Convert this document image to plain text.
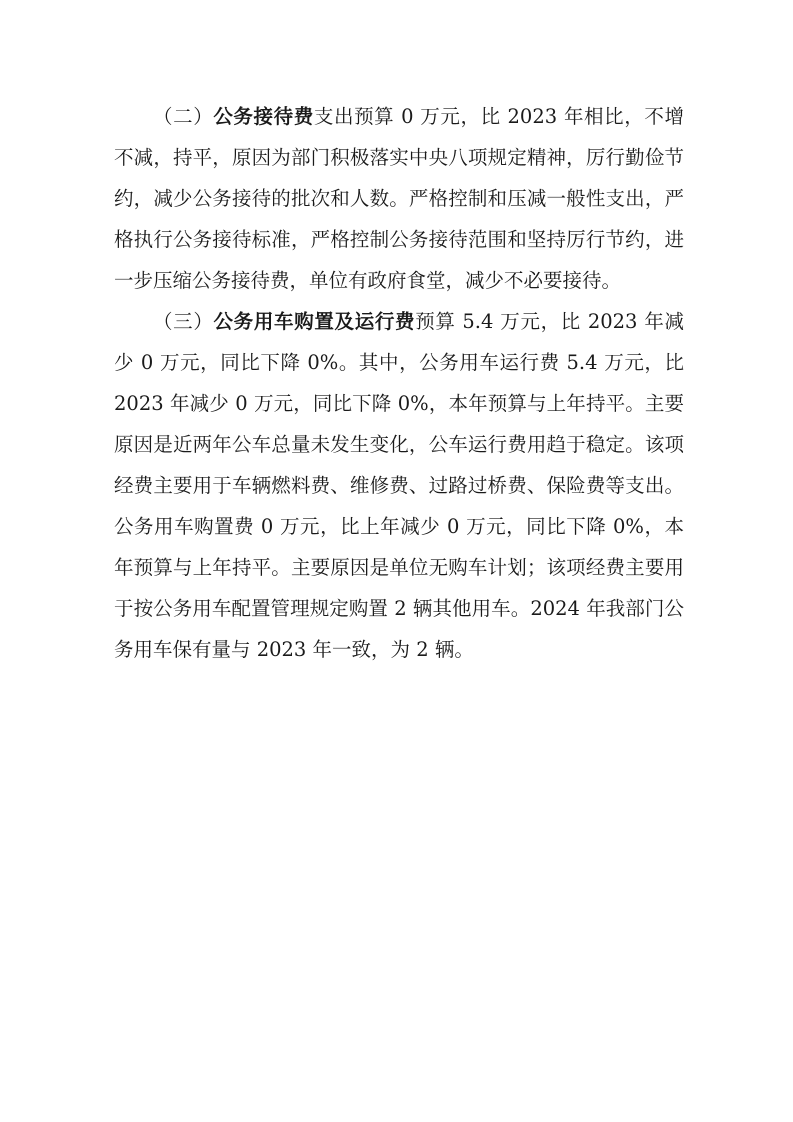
（二）公务接待费支出预算 0 万元，比 2023 年相比，不增不减，持平，原因为部门积极落实中央八项规定精神，厉行勤俭节约，减少公务接待的批次和人数。严格控制和压减一般性支出，严格执行公务接待标准，严格控制公务接待范围和坚持厉行节约，进一步压缩公务接待费，单位有政府食堂，减少不必要接待。

（三）公务用车购置及运行费预算 5.4 万元，比 2023 年减少 0 万元，同比下降 0%。其中，公务用车运行费 5.4 万元，比 2023 年减少 0 万元，同比下降 0%，本年预算与上年持平。主要原因是近两年公车总量未发生变化，公车运行费用趋于稳定。该项经费主要用于车辆燃料费、维修费、过路过桥费、保险费等支出。公务用车购置费 0 万元，比上年减少 0 万元，同比下降 0%，本年预算与上年持平。主要原因是单位无购车计划；该项经费主要用于按公务用车配置管理规定购置 2 辆其他用车。2024 年我部门公务用车保有量与 2023 年一致，为 2 辆。
